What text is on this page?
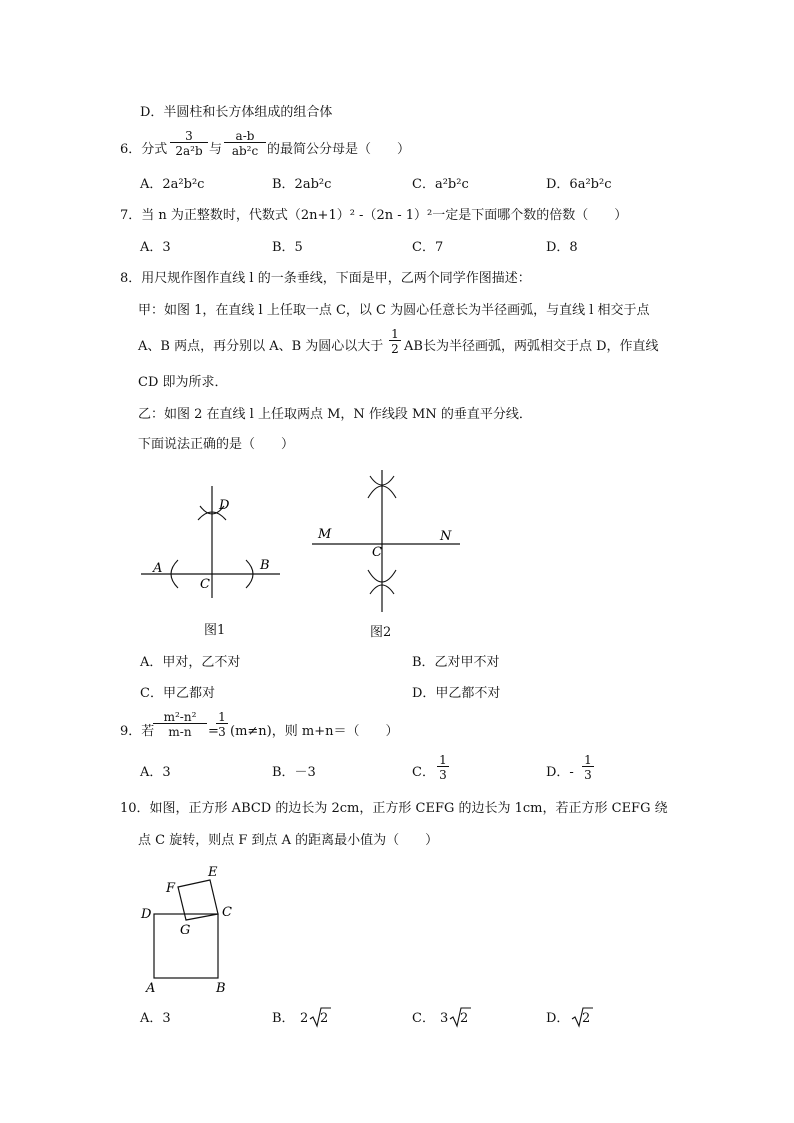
D．半圆柱和长方体组成的组合体
6．分式
3
2a²b 与
a-b
ab²c 的最简公分母是（　　）
A．2a²b²c	B．2ab²c	C．a²b²c	D．6a²b²c
7．当 n 为正整数时，代数式（2n+1）² -（2n - 1）²一定是下面哪个数的倍数（　　）
A．3	B．5	C．7	D．8
8．用尺规作图作直线 l 的一条垂线，下面是甲，乙两个同学作图描述：
甲：如图 1，在直线 l 上任取一点 C，以 C 为圆心任意长为半径画弧，与直线 l 相交于点
A、B 两点，再分别以 A、B 为圆心以大于
1
2 AB长为半径画弧，两弧相交于点 D，作直线
CD 即为所求．
乙：如图 2 在直线 l 上任取两点 M，N 作线段 MN 的垂直平分线．
下面说法正确的是（　　）
D
A	B
C
图1
M	N
C
图2
A．甲对，乙不对	B．乙对甲不对
C．甲乙都对	D．甲乙都不对
9．若
m²-n²
m-n	=
1
3 (m≠n)，则 m+n＝（　　）
A．3	B．－3	C．
1
3	D．-
1
3
10．如图，正方形 ABCD 的边长为 2cm，正方形 CEFG 的边长为 1cm，若正方形 CEFG 绕
点 C 旋转，则点 F 到点 A 的距离最小值为（　　）
D	C
A	B
E
F
G
A．3	B． 2 2	C． 3 2	D． 2
